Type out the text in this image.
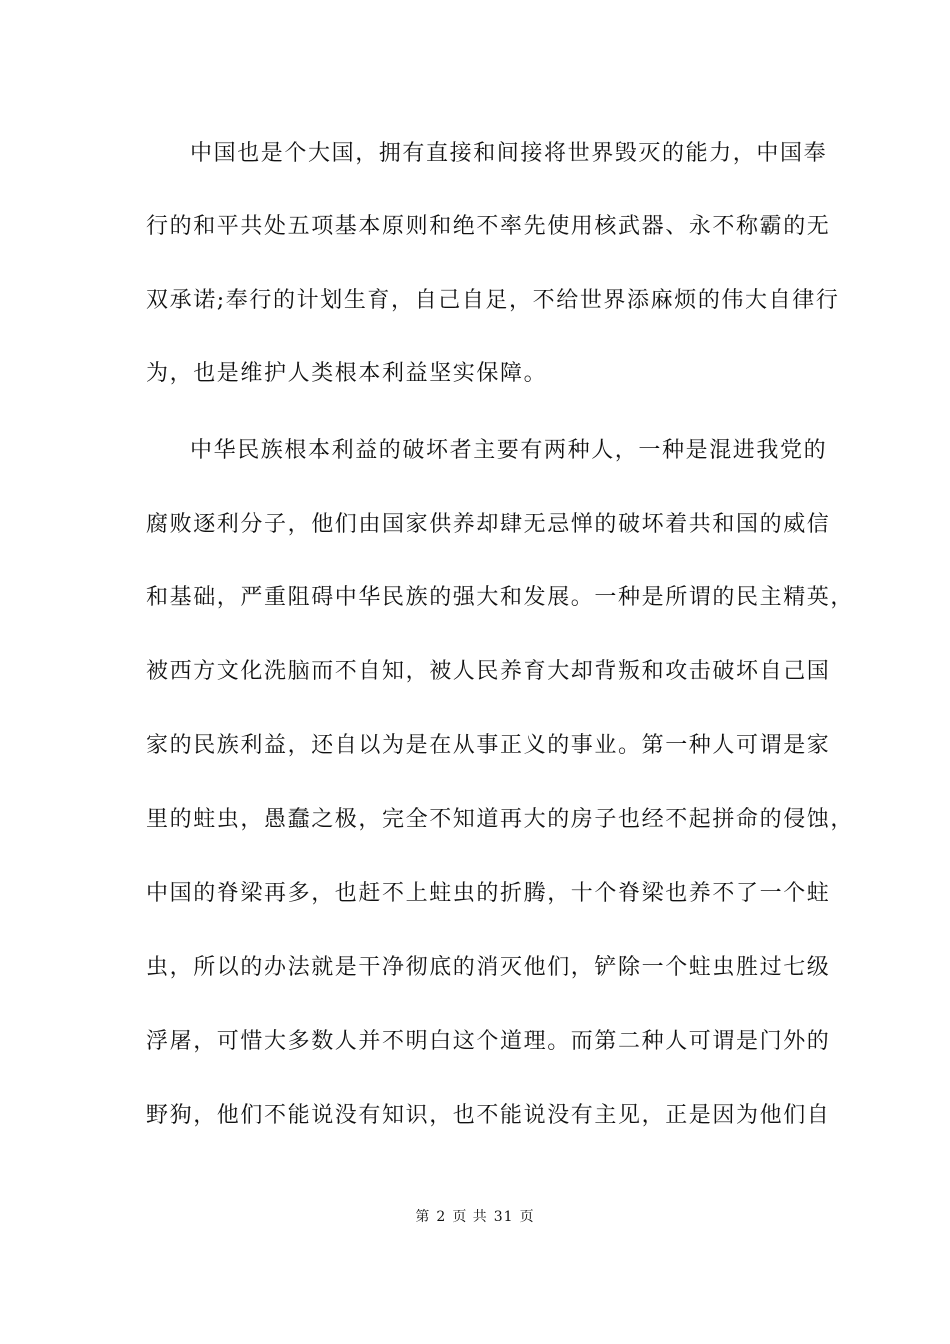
中国也是个大国，拥有直接和间接将世界毁灭的能力，中国奉
行的和平共处五项基本原则和绝不率先使用核武器、永不称霸的无
双承诺;奉行的计划生育，自己自足，不给世界添麻烦的伟大自律行
为，也是维护人类根本利益坚实保障。
中华民族根本利益的破坏者主要有两种人，一种是混进我党的
腐败逐利分子，他们由国家供养却肆无忌惮的破坏着共和国的威信
和基础，严重阻碍中华民族的强大和发展。一种是所谓的民主精英，
被西方文化洗脑而不自知，被人民养育大却背叛和攻击破坏自己国
家的民族利益，还自以为是在从事正义的事业。第一种人可谓是家
里的蛀虫，愚蠢之极，完全不知道再大的房子也经不起拼命的侵蚀，
中国的脊梁再多，也赶不上蛀虫的折腾，十个脊梁也养不了一个蛀
虫，所以的办法就是干净彻底的消灭他们，铲除一个蛀虫胜过七级
浮屠，可惜大多数人并不明白这个道理。而第二种人可谓是门外的
野狗，他们不能说没有知识，也不能说没有主见，正是因为他们自
第 2 页 共 31 页
